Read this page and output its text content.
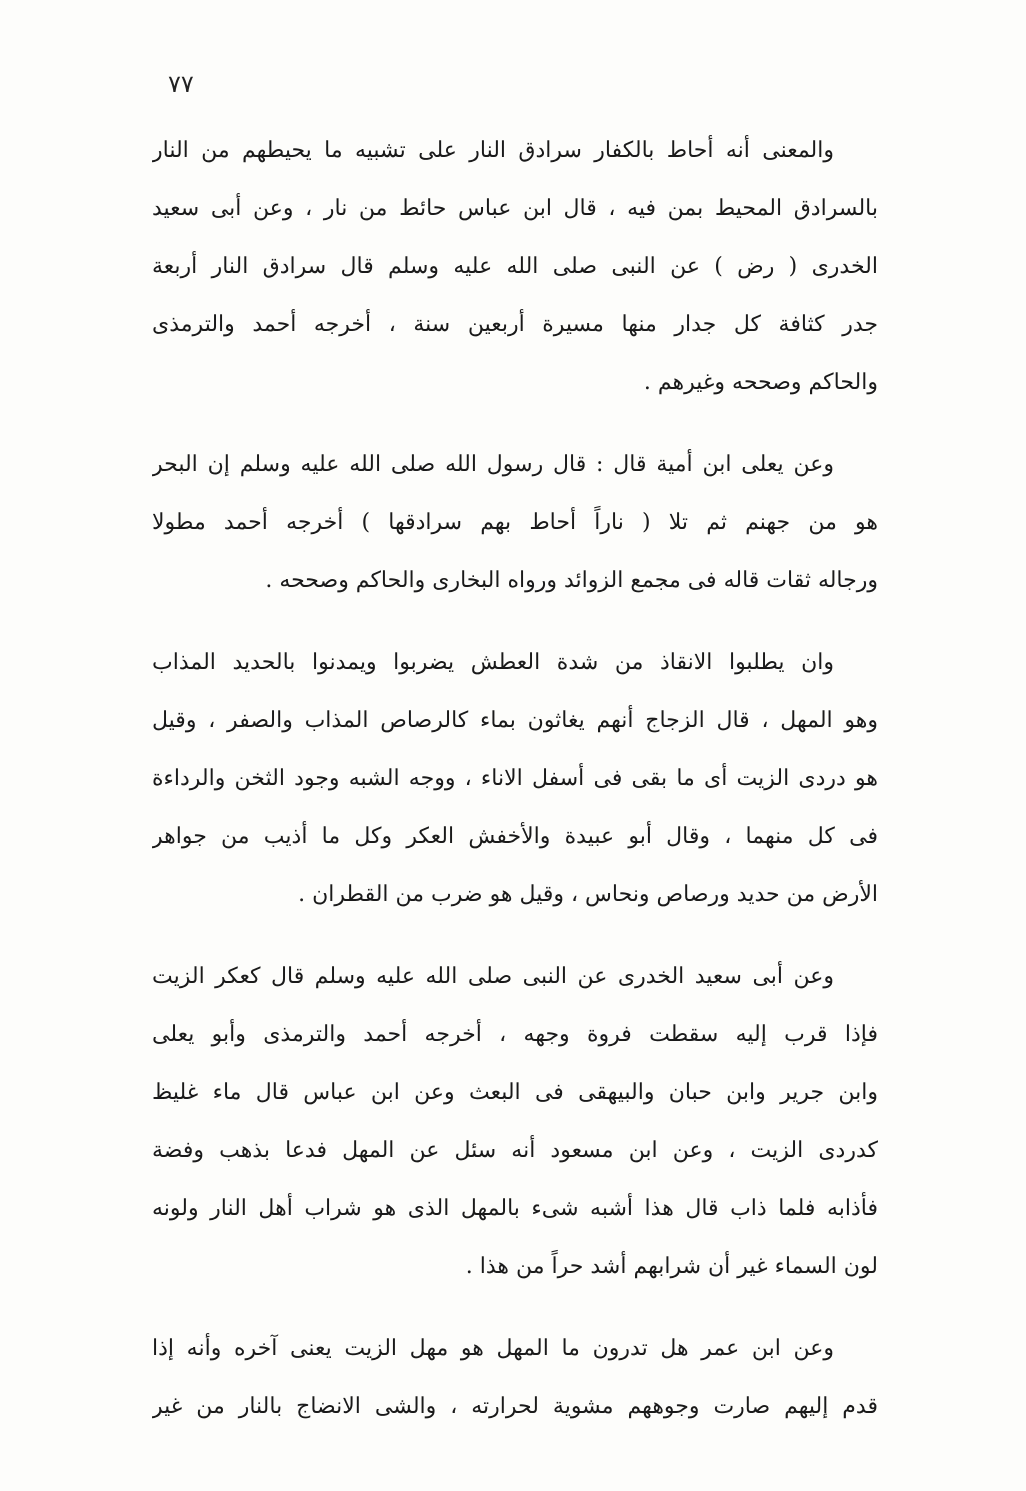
٧٧
والمعنى أنه أحاط بالكفار سرادق النار على تشبيه ما يحيطهم من النار
بالسرادق المحيط بمن فيه ، قال ابن عباس حائط من نار ، وعن أبى سعيد
الخدرى ( رض ) عن النبى صلى الله عليه وسلم قال سرادق النار أربعة
جدر كثافة كل جدار منها مسيرة أربعين سنة ، أخرجه أحمد والترمذى
والحاكم وصححه وغيرهم .
وعن يعلى ابن أمية قال : قال رسول الله صلى الله عليه وسلم إن البحر
هو من جهنم ثم تلا ( ناراً أحاط بهم سرادقها ) أخرجه أحمد مطولا
ورجاله ثقات قاله فى مجمع الزوائد ورواه البخارى والحاكم وصححه .
وان يطلبوا الانقاذ من شدة العطش يضربوا ويمدنوا بالحديد المذاب
وهو المهل ، قال الزجاج أنهم يغاثون بماء كالرصاص المذاب والصفر ، وقيل
هو دردى الزيت أى ما بقى فى أسفل الاناء ، ووجه الشبه وجود الثخن والرداءة
فى كل منهما ، وقال أبو عبيدة والأخفش العكر وكل ما أذيب من جواهر
الأرض من حديد ورصاص ونحاس ، وقيل هو ضرب من القطران .
وعن أبى سعيد الخدرى عن النبى صلى الله عليه وسلم قال كعكر الزيت
فإذا قرب إليه سقطت فروة وجهه ، أخرجه أحمد والترمذى وأبو يعلى
وابن جرير وابن حبان والبيهقى فى البعث وعن ابن عباس قال ماء غليظ
كدردى الزيت ، وعن ابن مسعود أنه سئل عن المهل فدعا بذهب وفضة
فأذابه فلما ذاب قال هذا أشبه شىء بالمهل الذى هو شراب أهل النار ولونه
لون السماء غير أن شرابهم أشد حراً من هذا .
وعن ابن عمر هل تدرون ما المهل هو مهل الزيت يعنى آخره وأنه إذا
قدم إليهم صارت وجوههم مشوية لحرارته ، والشى الانضاج بالنار من غير
